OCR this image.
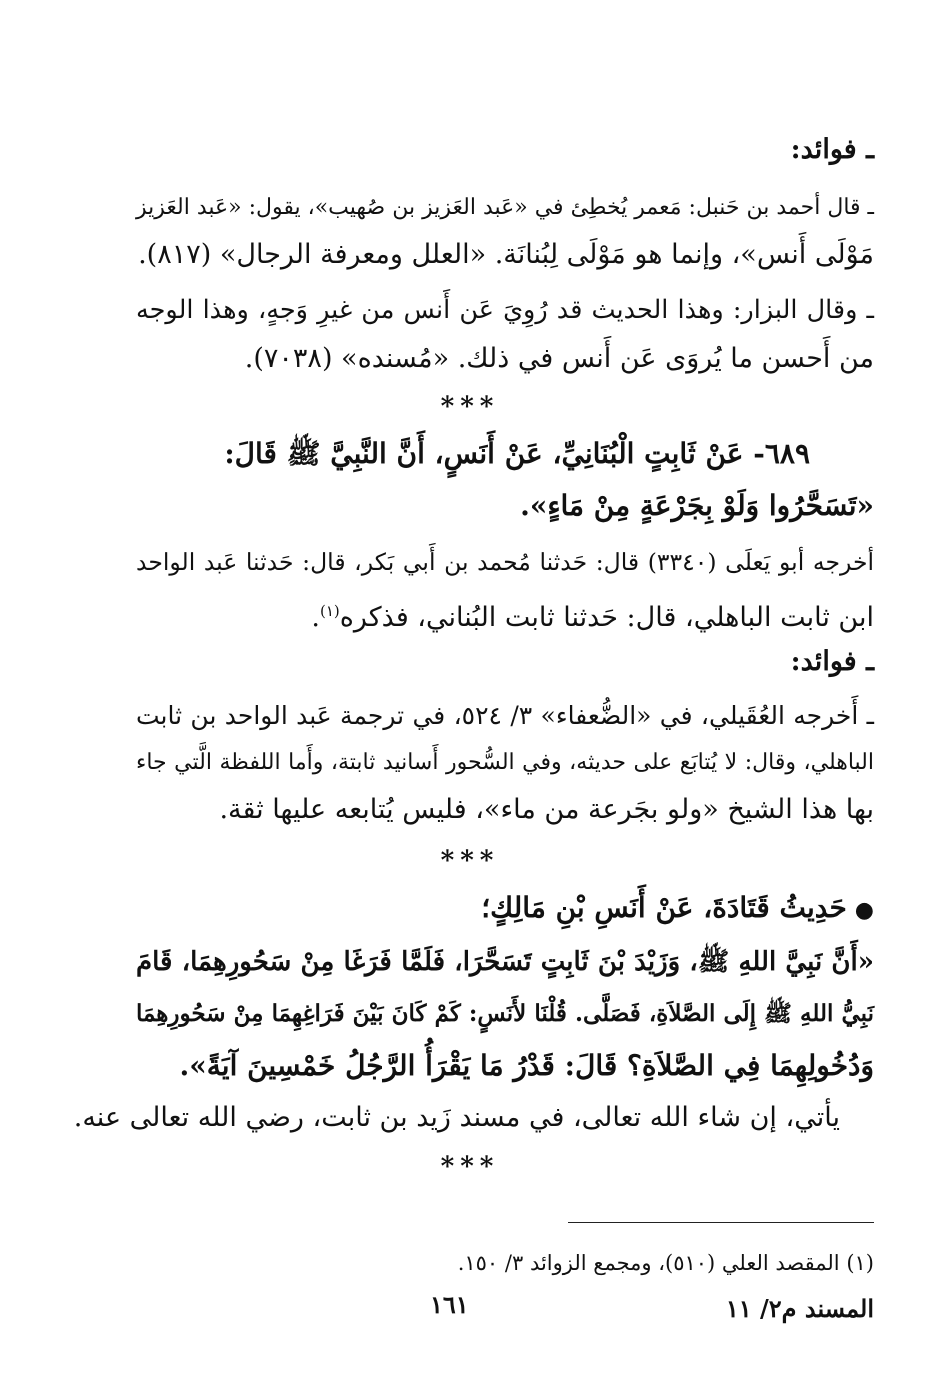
ـ فوائد:
ـ قال أحمد بن حَنبل: مَعمر يُخطِئ في «عَبد العَزيز بن صُهيب»، يقول: «عَبد العَزيز
مَوْلَى أَنس»، وإنما هو مَوْلَى لِبُنانَة. «العلل ومعرفة الرجال» (٨١٧).
ـ وقال البزار: وهذا الحديث قد رُوِيَ عَن أَنس من غيرِ وَجهٍ، وهذا الوجه
من أَحسن ما يُروَى عَن أَنس في ذلك. «مُسنده» (٧٠٣٨).
***
٦٨٩- عَنْ ثَابِتٍ الْبُنَانِيِّ، عَنْ أَنَسٍ، أَنَّ النَّبِيَّ ﷺ قَالَ:
«تَسَحَّرُوا وَلَوْ بِجَرْعَةٍ مِنْ مَاءٍ».
أخرجه أبو يَعلَى (٣٣٤٠) قال: حَدثنا مُحمد بن أَبي بَكر، قال: حَدثنا عَبد الواحد
ابن ثابت الباهلي، قال: حَدثنا ثابت البُناني، فذكره$^{(١)}$.
ـ فوائد:
ـ أَخرجه العُقَيلي، في «الضُّعفاء» ٣/ ٥٢٤، في ترجمة عَبد الواحد بن ثابت
الباهلي، وقال: لا يُتابَع على حديثه، وفي السُّحور أَسانيد ثابتة، وأَما اللفظة الَّتي جاء
بها هذا الشيخ «ولو بجَرعة من ماء»، فليس يُتابعه عليها ثقة.
***
●حَدِيثُ قَتَادَةَ، عَنْ أَنَسِ بْنِ مَالِكٍ؛
«أَنَّ نَبِيَّ اللهِ ﷺ، وَزَيْدَ بْنَ ثَابِتٍ تَسَحَّرَا، فَلَمَّا فَرَغَا مِنْ سَحُورِهِمَا، قَامَ
نَبِيُّ اللهِ ﷺ إِلَى الصَّلاَةِ، فَصَلَّى. قُلْنَا لأَنَسٍ: كَمْ كَانَ بَيْنَ فَرَاغِهِمَا مِنْ سَحُورِهِمَا
وَدُخُولِهِمَا فِي الصَّلاَةِ؟ قَالَ: قَدْرُ مَا يَقْرَأُ الرَّجُلُ خَمْسِينَ آيَةً».
يأتي، إن شاء الله تعالى، في مسند زَيد بن ثابت، رضي الله تعالى عنه.
***
(١) المقصد العلي (٥١٠)، ومجمع الزوائد ٣/ ١٥٠.
المسند م٢/ ١١
١٦١
